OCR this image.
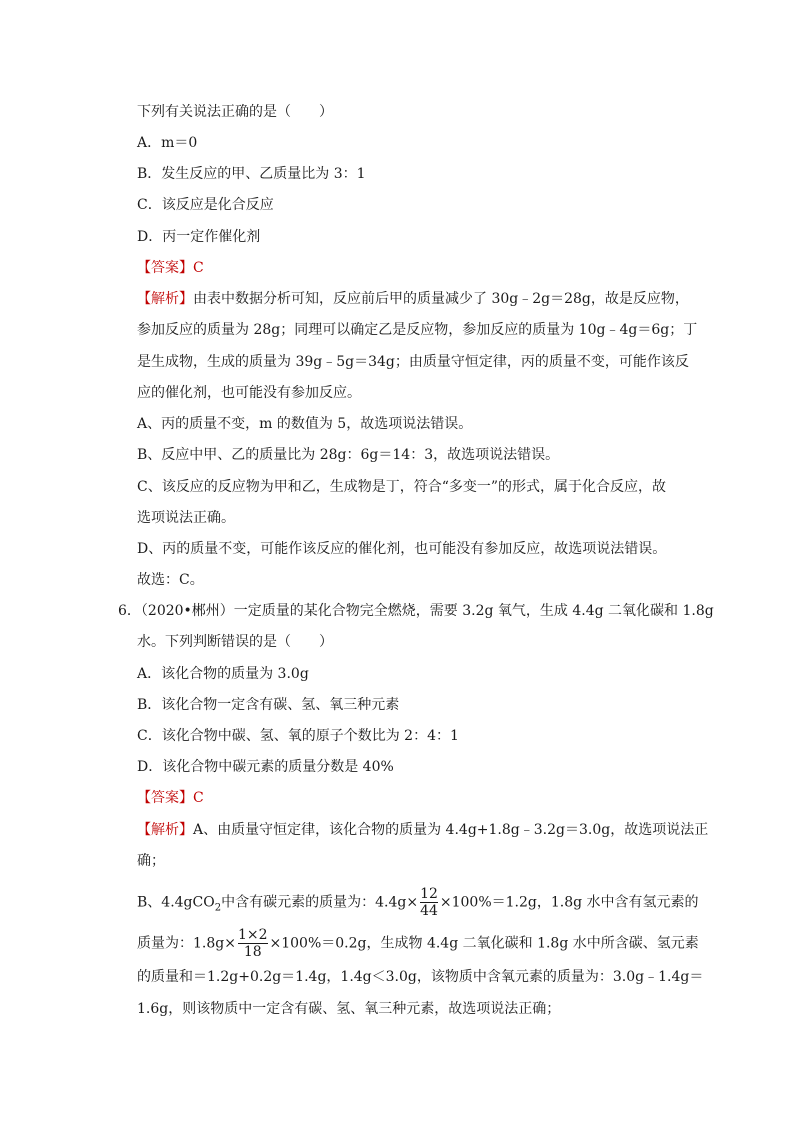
下列有关说法正确的是（　　）
A．m＝0
B．发生反应的甲、乙质量比为 3：1
C．该反应是化合反应
D．丙一定作催化剂
【答案】C
【解析】由表中数据分析可知，反应前后甲的质量减少了 30g﹣2g＝28g，故是反应物，
参加反应的质量为 28g；同理可以确定乙是反应物，参加反应的质量为 10g﹣4g＝6g；丁
是生成物，生成的质量为 39g﹣5g＝34g；由质量守恒定律，丙的质量不变，可能作该反
应的催化剂，也可能没有参加反应。
A、丙的质量不变，m 的数值为 5，故选项说法错误。
B、反应中甲、乙的质量比为 28g：6g＝14：3，故选项说法错误。
C、该反应的反应物为甲和乙，生成物是丁，符合“多变一”的形式，属于化合反应，故
选项说法正确。
D、丙的质量不变，可能作该反应的催化剂，也可能没有参加反应，故选项说法错误。
故选：C。
6．（2020•郴州）一定质量的某化合物完全燃烧，需要 3.2g 氧气，生成 4.4g 二氧化碳和 1.8g
水。下列判断错误的是（　　）
A．该化合物的质量为 3.0g
B．该化合物一定含有碳、氢、氧三种元素
C．该化合物中碳、氢、氧的原子个数比为 2：4：1
D．该化合物中碳元素的质量分数是 40%
【答案】C
【解析】A、由质量守恒定律，该化合物的质量为 4.4g+1.8g﹣3.2g＝3.0g，故选项说法正
确；
B、4.4gCO$_2$中含有碳元素的质量为：$4.4g\times \frac{12}{44} \times 100\%=1.2g$，1.8g 水中含有氢元素的
质量为：$1.8g\times \frac{1\times 2}{18} \times 100\%=0.2g$，生成物 4.4g 二氧化碳和 1.8g 水中所含碳、氢元素
的质量和＝1.2g+0.2g＝1.4g，1.4g＜3.0g，该物质中含氧元素的质量为：3.0g﹣1.4g＝
1.6g，则该物质中一定含有碳、氢、氧三种元素，故选项说法正确；
